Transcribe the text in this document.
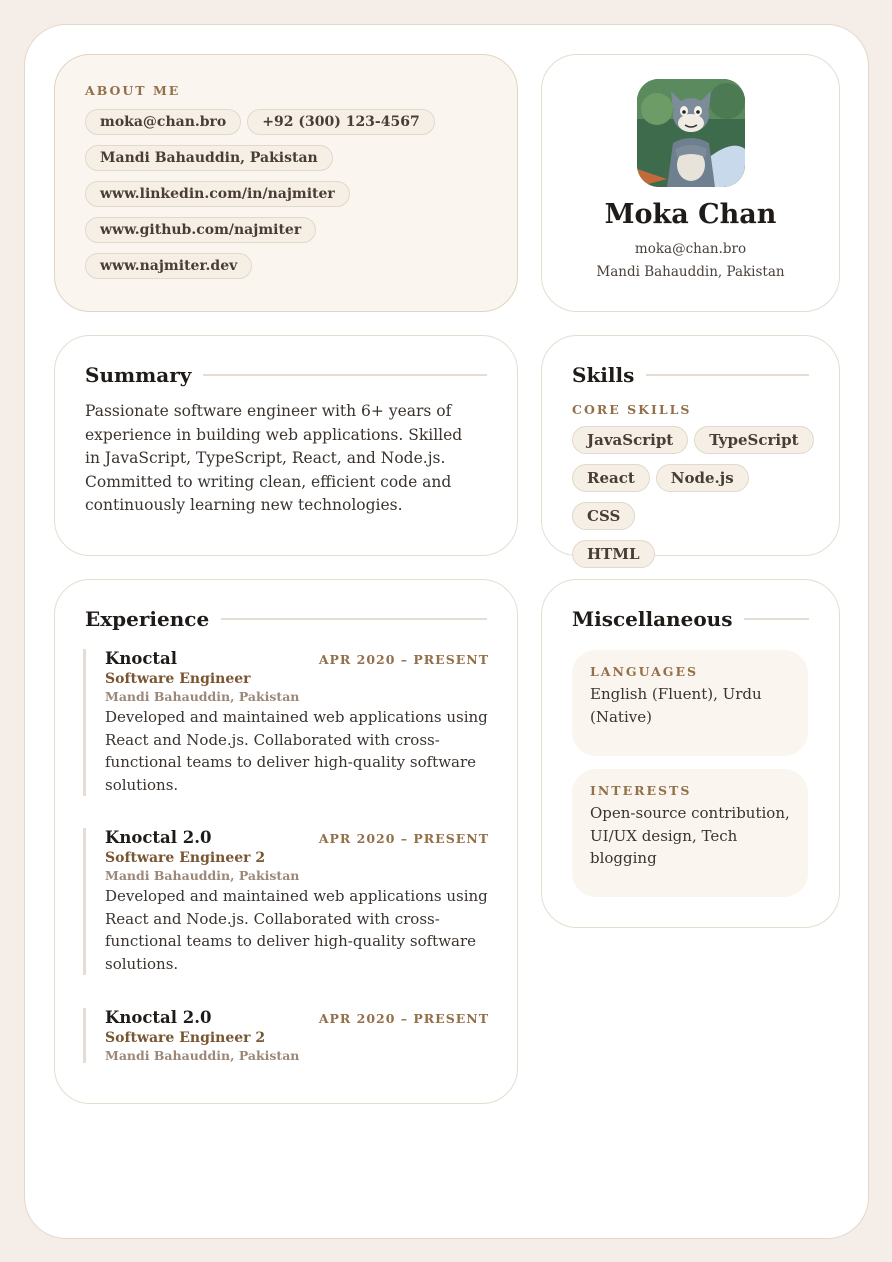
ABOUT ME
moka@chan.bro	+92 (300) 123-4567
Mandi Bahauddin, Pakistan
www.linkedin.com/in/najmiter
www.github.com/najmiterwww.najmiter.dev
Moka Chan
moka@chan.bro
Mandi Bahauddin, Pakistan
Summary
Passionate software engineer with 6+ years of experience in building web applications. Skilled in JavaScript, TypeScript, React, and Node.js. Committed to writing clean, efficient code and continuously learning new technologies.
Skills
CORE SKILLS
JavaScript TypeScript
React Node.jsCSS
HTML
Experience
Knoctal	APR 2020 – PRESENT
Software Engineer
Mandi Bahauddin, Pakistan
Developed and maintained web applications using React and Node.js. Collaborated with cross-functional teams to deliver high-quality software solutions.
Knoctal 2.0	APR 2020 – PRESENT
Software Engineer 2
Mandi Bahauddin, Pakistan
Developed and maintained web applications using React and Node.js. Collaborated with cross-functional teams to deliver high-quality software solutions.
Knoctal 2.0	APR 2020 – PRESENT
Software Engineer 2
Mandi Bahauddin, Pakistan
Miscellaneous
LANGUAGES
English (Fluent), Urdu (Native)
INTERESTS
Open-source contribution, UI/UX design, Tech blogging
